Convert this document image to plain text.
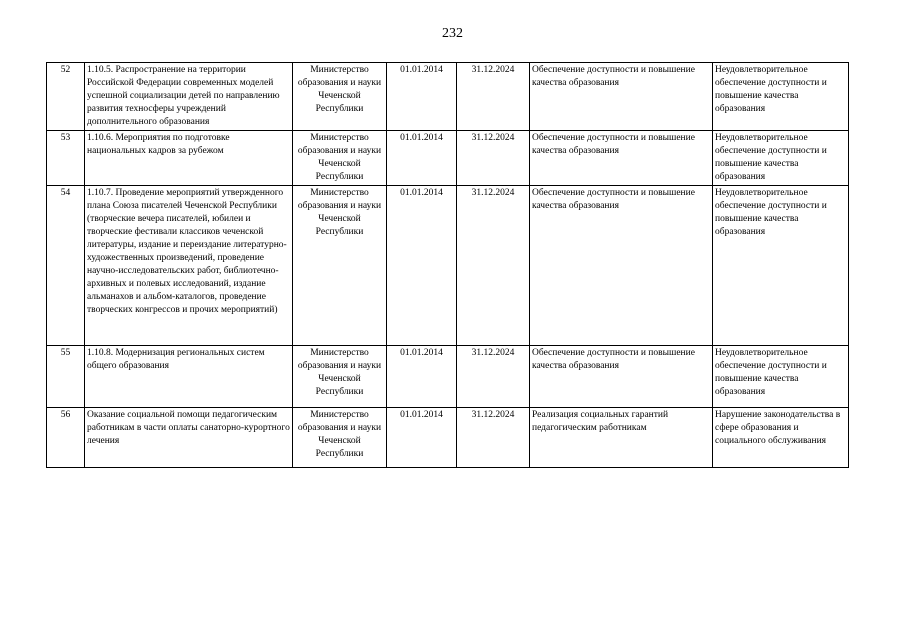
232
52	1.10.5. Распространение на территории Российской Федерации современных моделей успешной социализации детей по направлению развития техносферы учреждений дополнительного образования	Министерство образования и науки Чеченской Республики	01.01.2014	31.12.2024	Обеспечение доступности и повышение качества образования	Неудовлетворительное обеспечение доступности и повышение качества образования
53	1.10.6. Мероприятия по подготовке национальных кадров за рубежом	Министерство образования и науки Чеченской Республики	01.01.2014	31.12.2024	Обеспечение доступности и повышение качества образования	Неудовлетворительное обеспечение доступности и повышение качества образования
54	1.10.7. Проведение мероприятий утвержденного плана Союза писателей Чеченской Республики (творческие вечера писателей, юбилеи и творческие фестивали классиков чеченской литературы, издание и переиздание литературно-художественных произведений, проведение научно-исследовательских работ, библиотечно-архивных и полевых исследований, издание альманахов и альбом-каталогов, проведение творческих конгрессов и прочих мероприятий)	Министерство образования и науки Чеченской Республики	01.01.2014	31.12.2024	Обеспечение доступности и повышение качества образования	Неудовлетворительное обеспечение доступности и повышение качества образования
55	1.10.8. Модернизация региональных систем общего образования	Министерство образования и науки Чеченской Республики	01.01.2014	31.12.2024	Обеспечение доступности и повышение качества образования	Неудовлетворительное обеспечение доступности и повышение качества образования
56	Оказание социальной помощи педагогическим работникам в части оплаты санаторно-курортного лечения	Министерство образования и науки Чеченской Республики	01.01.2014	31.12.2024	Реализация социальных гарантий педагогическим работникам	Нарушение законодательства в сфере образования и социального обслуживания
